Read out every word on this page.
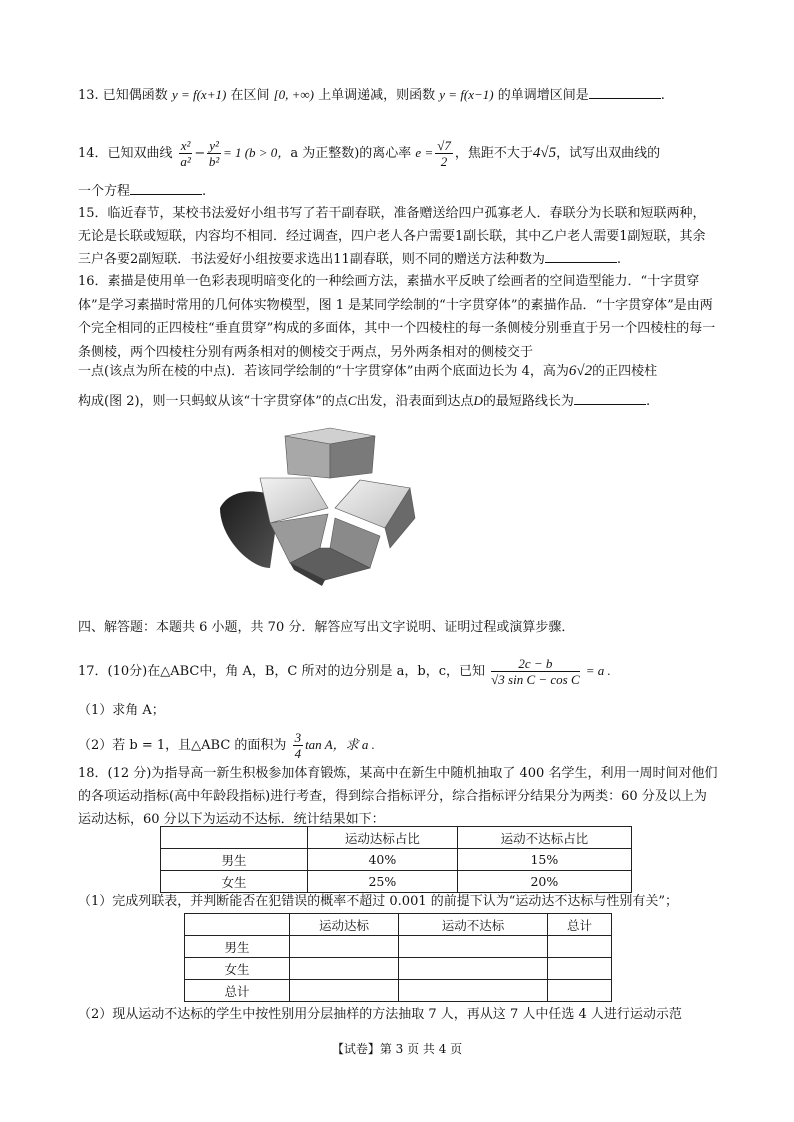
13. 已知偶函数 y = f(x+1) 在区间 [0, +∞) 上单调递减，则函数 y = f(x−1) 的单调增区间是	.
14．已知双曲线 $\frac{\text{x²}}{\text{a²}} - \frac{\text{y²}}{\text{b²}} = 1$ (b > 0，a 为正整数)的离心率 $e = \frac{√7}{2}$ ，焦距不大于4√5，试写出双曲线的
一个方程	.
15．临近春节，某校书法爱好小组书写了若干副春联，准备赠送给四户孤寡老人．春联分为长联和短联两种，无论是长联或短联，内容均不相同．经过调查，四户老人各户需要1副长联，其中乙户老人需要1副短联，其余三户各要2副短联．书法爱好小组按要求选出11副春联，则不同的赠送方法种数为	.
16．素描是使用单一色彩表现明暗变化的一种绘画方法，素描水平反映了绘画者的空间造型能力．“十字贯穿体”是学习素描时常用的几何体实物模型，图 1 是某同学绘制的“十字贯穿体”的素描作品．“十字贯穿体”是由两个完全相同的正四棱柱“垂直贯穿”构成的多面体，其中一个四棱柱的每一条侧棱分别垂直于另一个四棱柱的每一条侧棱，两个四棱柱分别有两条相对的侧棱交于两点，另外两条相对的侧棱交于
一点(该点为所在棱的中点)．若该同学绘制的“十字贯穿体”由两个底面边长为 4，高为6√2的正四棱柱
构成(图 2)，则一只蚂蚁从该“十字贯穿体”的点C出发，沿表面到达点D的最短路线长为	.
四、解答题：本题共 6 小题，共 70 分．解答应写出文字说明、证明过程或演算步骤．
17．(10分)在△ABC中，角 A，B，C 所对的边分别是 a，b，c，已知 $\frac{2c - b}{\text{√3 sin C − cos C}} = a$ .
（1）求角 A；
（2）若 b = 1，且△ABC 的面积为 $\frac{3}{4}$ tan A，求 a .
18．(12 分)为指导高一新生积极参加体育锻炼，某高中在新生中随机抽取了 400 名学生，利用一周时间对他们的各项运动指标(高中年龄段指标)进行考查，得到综合指标评分，综合指标评分结果分为两类：60 分及以上为运动达标，60 分以下为运动不达标．统计结果如下：
	运动达标占比	运动不达标占比
男生	40%	15%
女生	25%	20%
（1）完成列联表，并判断能否在犯错误的概率不超过 0.001 的前提下认为“运动达不达标与性别有关”；
	运动达标	运动不达标	总计
男生			
女生			
总计			
（2）现从运动不达标的学生中按性别用分层抽样的方法抽取 7 人，再从这 7 人中任选 4 人进行运动示范
【试卷】第 3 页 共 4 页
